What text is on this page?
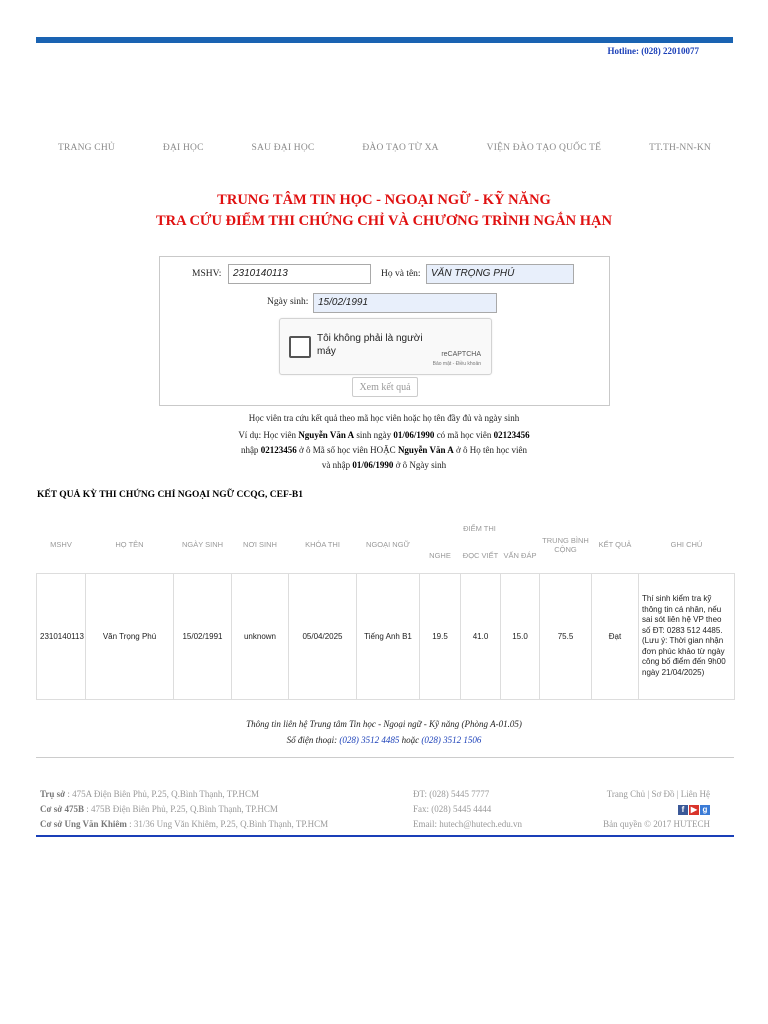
Hotline: (028) 22010077
TRANG CHỦ	ĐẠI HỌC	SAU ĐẠI HỌC	ĐÀO TẠO TỪ XA	VIỆN ĐÀO TẠO QUỐC TẾ	TT.TH-NN-KN
TRUNG TÂM TIN HỌC - NGOẠI NGỮ - KỸ NĂNG
TRA CỨU ĐIỂM THI CHỨNG CHỈ VÀ CHƯƠNG TRÌNH NGẮN HẠN
MSHV:	2310140113	Họ và tên:	VĂN TRỌNG PHÚ
Ngày sinh: 15/02/1991
Tôi không phải là người máy	reCAPTCHA
Bảo mật - Điều khoản
Xem kết quả
Học viên tra cứu kết quả theo mã học viên hoặc họ tên đầy đủ và ngày sinh
Ví dụ: Học viên Nguyễn Văn A sinh ngày 01/06/1990 có mã học viên 02123456
nhập 02123456 ở ô Mã số học viên HOẶC Nguyễn Văn A ở ô Họ tên học viên
và nhập 01/06/1990 ở ô Ngày sinh
KẾT QUẢ KỲ THI CHỨNG CHỈ NGOẠI NGỮ CCQG, CEF-B1
MSHV	HỌ TÊN	NGÀY SINH	NƠI SINH	KHÓA THI	NGOẠI NGỮ	ĐIỂM THI			TRUNG BÌNH CỘNG	KẾT QUẢ	GHI CHÚ
						NGHE	ĐỌC VIẾT	VẤN ĐÁP			
2310140113	Văn Trọng Phú	15/02/1991	unknown	05/04/2025	Tiếng Anh B1	19.5	41.0	15.0	75.5	Đạt	Thí sinh kiểm tra kỹ thông tin cá nhân, nếu sai sót liên hệ VP theo số ĐT: 0283 512 4485. (Lưu ý: Thời gian nhận đơn phúc khảo từ ngày công bố điểm đến 9h00 ngày 21/04/2025)
Thông tin liên hệ Trung tâm Tin học - Ngoại ngữ - Kỹ năng (Phòng A-01.05)
Số điện thoại: (028) 3512 4485 hoặc (028) 3512 1506
Trụ sở : 475A Điện Biên Phủ, P.25, Q.Bình Thạnh, TP.HCM
Cơ sở 475B : 475B Điện Biên Phủ, P.25, Q.Bình Thạnh, TP.HCM
Cơ sở Ung Văn Khiêm : 31/36 Ung Văn Khiêm, P.25, Q.Bình Thạnh, TP.HCM
ĐT: (028) 5445 7777
Fax: (028) 5445 4444
Email: hutech@hutech.edu.vn
Trang Chủ | Sơ Đồ | Liên Hệ
f ▶ g
Bản quyền © 2017 HUTECH
